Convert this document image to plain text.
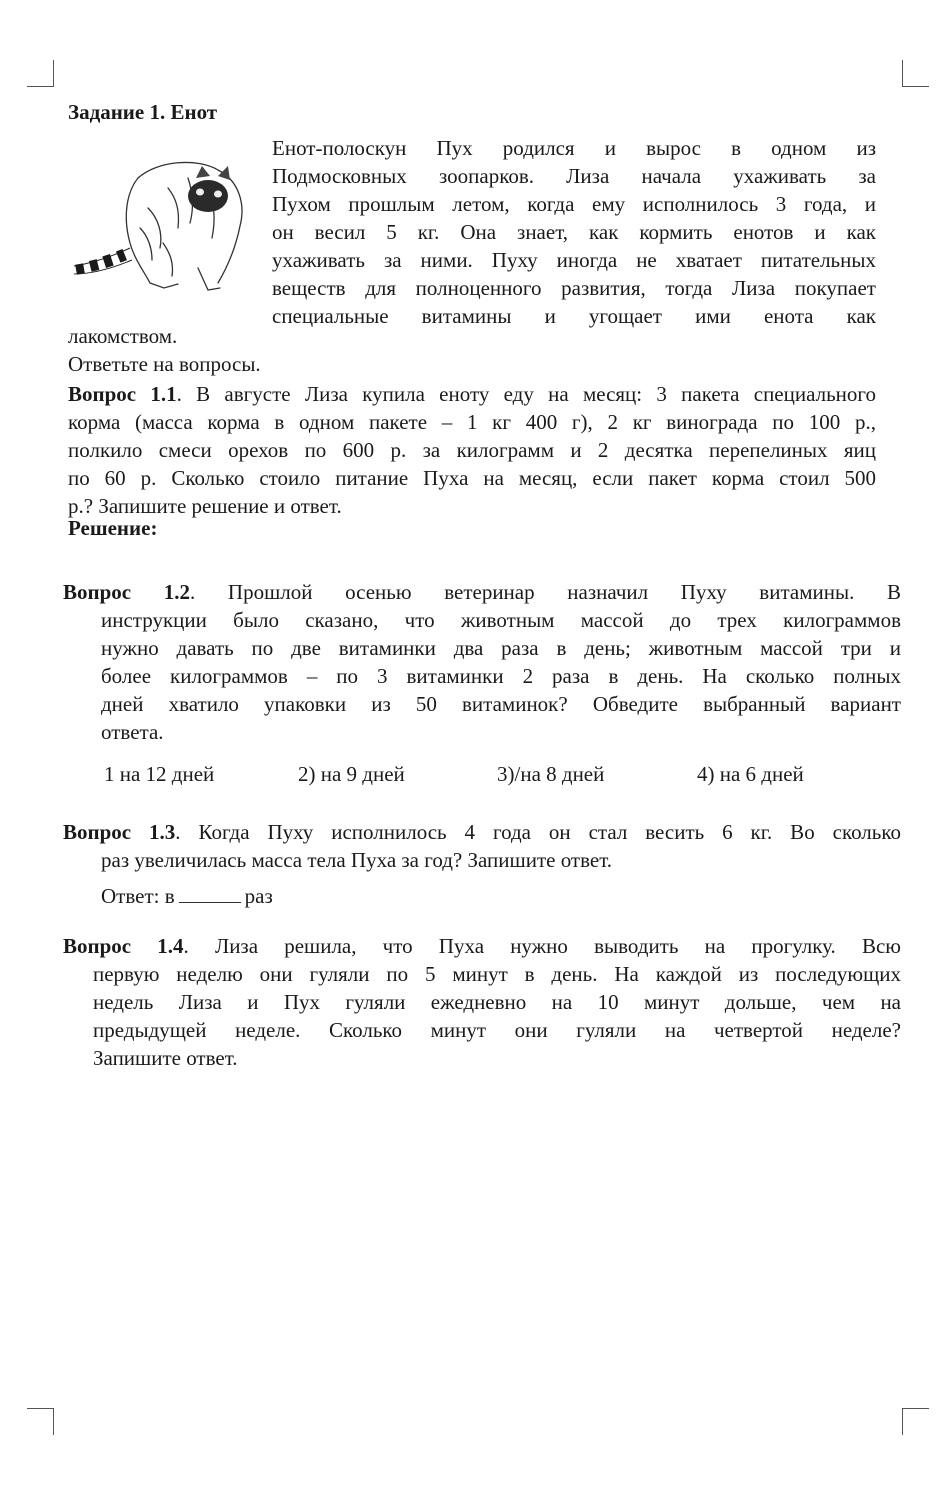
Задание 1. Енот
Енот-полоскун Пух родился и вырос в одном из
Подмосковных зоопарков. Лиза начала ухаживать за
Пухом прошлым летом, когда ему исполнилось 3 года, и
он весил 5 кг. Она знает, как кормить енотов и как
ухаживать за ними. Пуху иногда не хватает питательных
веществ для полноценного развития, тогда Лиза покупает
специальные витамины и угощает ими енота как
лакомством.
Ответьте на вопросы.
Вопрос 1.1. В августе Лиза купила еноту еду на месяц: 3 пакета специального
корма (масса корма в одном пакете – 1 кг 400 г), 2 кг винограда по 100 р.,
полкило смеси орехов по 600 р. за килограмм и 2 десятка перепелиных яиц
по 60 р. Сколько стоило питание Пуха на месяц, если пакет корма стоил 500
р.? Запишите решение и ответ.
Решение:
Вопрос 1.2. Прошлой осенью ветеринар назначил Пуху витамины. В
инструкции было сказано, что животным массой до трех килограммов
нужно давать по две витаминки два раза в день; животным массой три и
более килограммов – по 3 витаминки 2 раза в день. На сколько полных
дней хватило упаковки из 50 витаминок? Обведите выбранный вариант
ответа.
1 на 12 дней	2) на 9 дней	3)/на 8 дней	4) на 6 дней
Вопрос 1.3. Когда Пуху исполнилось 4 года он стал весить 6 кг. Во сколько
раз увеличилась масса тела Пуха за год? Запишите ответ.
Ответ: в	раз
Вопрос 1.4. Лиза решила, что Пуха нужно выводить на прогулку. Всю
первую неделю они гуляли по 5 минут в день. На каждой из последующих
недель Лиза и Пух гуляли ежедневно на 10 минут дольше, чем на
предыдущей неделе. Сколько минут они гуляли на четвертой неделе?
Запишите ответ.
